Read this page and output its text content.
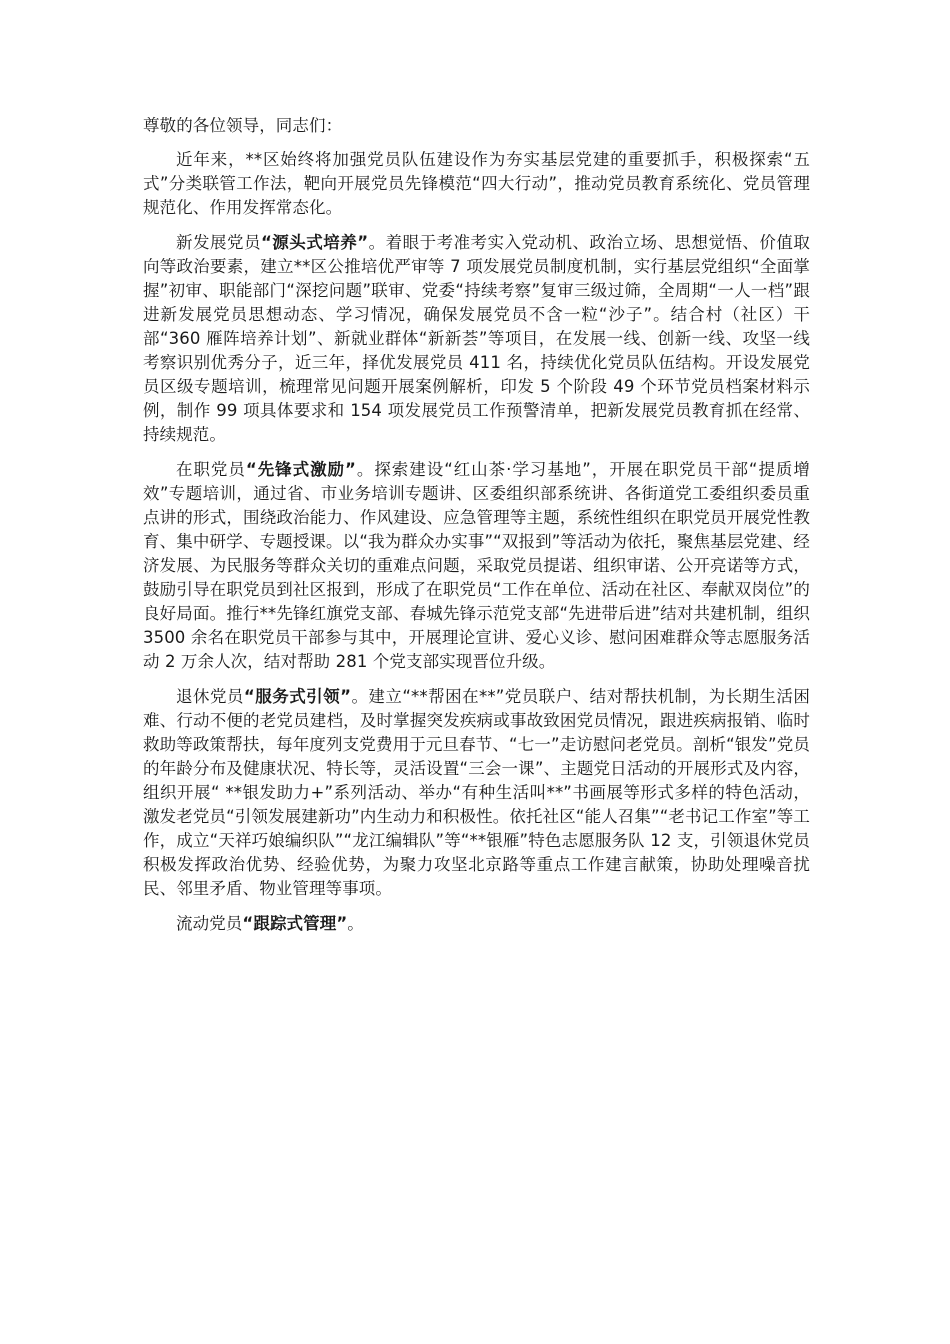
尊敬的各位领导，同志们：

近年来，**区始终将加强党员队伍建设作为夯实基层党建的重要抓手，积极探索“五式”分类联管工作法，靶向开展党员先锋模范“四大行动”，推动党员教育系统化、党员管理规范化、作用发挥常态化。

新发展党员“源头式培养”。着眼于考准考实入党动机、政治立场、思想觉悟、价值取向等政治要素，建立**区公推培优严审等 7 项发展党员制度机制，实行基层党组织“全面掌握”初审、职能部门“深挖问题”联审、党委“持续考察”复审三级过筛，全周期“一人一档”跟进新发展党员思想动态、学习情况，确保发展党员不含一粒“沙子”。结合村（社区）干部“360 雁阵培养计划”、新就业群体“新新荟”等项目，在发展一线、创新一线、攻坚一线考察识别优秀分子，近三年，择优发展党员 411 名，持续优化党员队伍结构。开设发展党员区级专题培训，梳理常见问题开展案例解析，印发 5 个阶段 49 个环节党员档案材料示例，制作 99 项具体要求和 154 项发展党员工作预警清单，把新发展党员教育抓在经常、持续规范。

在职党员“先锋式激励”。探索建设“红山茶·学习基地”，开展在职党员干部“提质增效”专题培训，通过省、市业务培训专题讲、区委组织部系统讲、各街道党工委组织委员重点讲的形式，围绕政治能力、作风建设、应急管理等主题，系统性组织在职党员开展党性教育、集中研学、专题授课。以“我为群众办实事”“双报到”等活动为依托，聚焦基层党建、经济发展、为民服务等群众关切的重难点问题，采取党员提诺、组织审诺、公开亮诺等方式，鼓励引导在职党员到社区报到，形成了在职党员“工作在单位、活动在社区、奉献双岗位”的良好局面。推行**先锋红旗党支部、春城先锋示范党支部“先进带后进”结对共建机制，组织 3500 余名在职党员干部参与其中，开展理论宣讲、爱心义诊、慰问困难群众等志愿服务活动 2 万余人次，结对帮助 281 个党支部实现晋位升级。

退休党员“服务式引领”。建立“**帮困在**”党员联户、结对帮扶机制，为长期生活困难、行动不便的老党员建档，及时掌握突发疾病或事故致困党员情况，跟进疾病报销、临时救助等政策帮扶，每年度列支党费用于元旦春节、“七一”走访慰问老党员。剖析“银发”党员的年龄分布及健康状况、特长等，灵活设置“三会一课”、主题党日活动的开展形式及内容，组织开展“ **银发助力+”系列活动、举办“有种生活叫**”书画展等形式多样的特色活动，激发老党员“引领发展建新功”内生动力和积极性。依托社区“能人召集”“老书记工作室”等工作，成立“天祥巧娘编织队”“龙江编辑队”等“**银雁”特色志愿服务队 12 支，引领退休党员积极发挥政治优势、经验优势，为聚力攻坚北京路等重点工作建言献策，协助处理噪音扰民、邻里矛盾、物业管理等事项。

流动党员“跟踪式管理”。
